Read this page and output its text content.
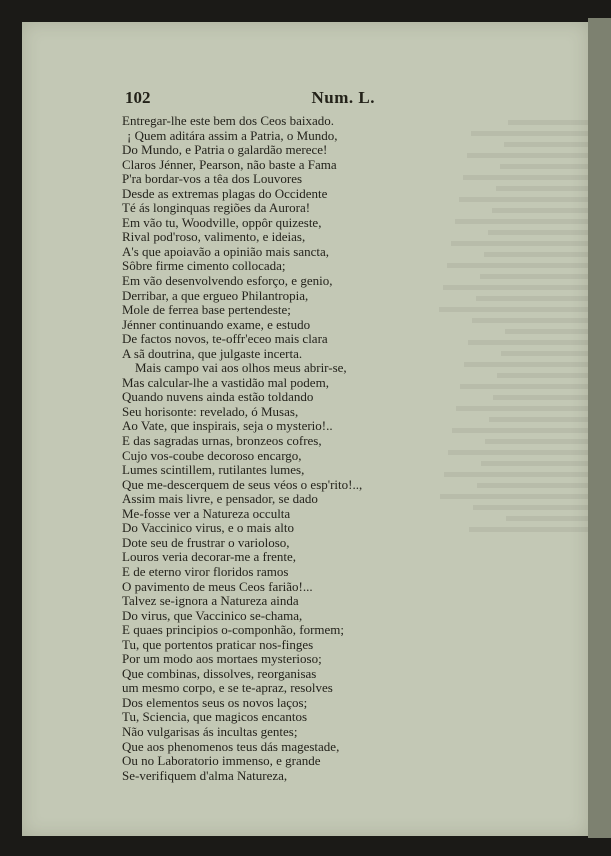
102	Num. L.
Entregar-lhe este bem dos Ceos baixado.
¡ Quem aditára assim a Patria, o Mundo,
Do Mundo, e Patria o galardão merece!
Claros Jénner, Pearson, não baste a Fama
P'ra bordar-vos a têa dos Louvores
Desde as extremas plagas do Occidente
Té ás longinquas regiões da Aurora!
Em vão tu, Woodville, oppôr quizeste,
Rival pod'roso, valimento, e ideias,
A's que apoiavão a opinião mais sancta,
Sôbre firme cimento collocada;
Em vão desenvolvendo esforço, e genio,
Derribar, a que ergueo Philantropia,
Mole de ferrea base pertendeste;
Jénner continuando exame, e estudo
De factos novos, te-offr'eceo mais clara
A sã doutrina, que julgaste incerta.
Mais campo vai aos olhos meus abrir-se,
Mas calcular-lhe a vastidão mal podem,
Quando nuvens ainda estão toldando
Seu horisonte: revelado, ó Musas,
Ao Vate, que inspirais, seja o mysterio!..
E das sagradas urnas, bronzeos cofres,
Cujo vos-coube decoroso encargo,
Lumes scintillem, rutilantes lumes,
Que me-descerquem de seus véos o esp'rito!..,
Assim mais livre, e pensador, se dado
Me-fosse ver a Natureza occulta
Do Vaccinico virus, e o mais alto
Dote seu de frustrar o varioloso,
Louros veria decorar-me a frente,
E de eterno viror floridos ramos
O pavimento de meus Ceos farião!...
Talvez se-ignora a Natureza ainda
Do virus, que Vaccinico se-chama,
E quaes principios o-componhão, formem;
Tu, que portentos praticar nos-finges
Por um modo aos mortaes mysterioso;
Que combinas, dissolves, reorganisas
um mesmo corpo, e se te-apraz, resolves
Dos elementos seus os novos laços;
Tu, Sciencia, que magicos encantos
Não vulgarisas ás incultas gentes;
Que aos phenomenos teus dás magestade,
Ou no Laboratorio immenso, e grande
Se-verifiquem d'alma Natureza,
